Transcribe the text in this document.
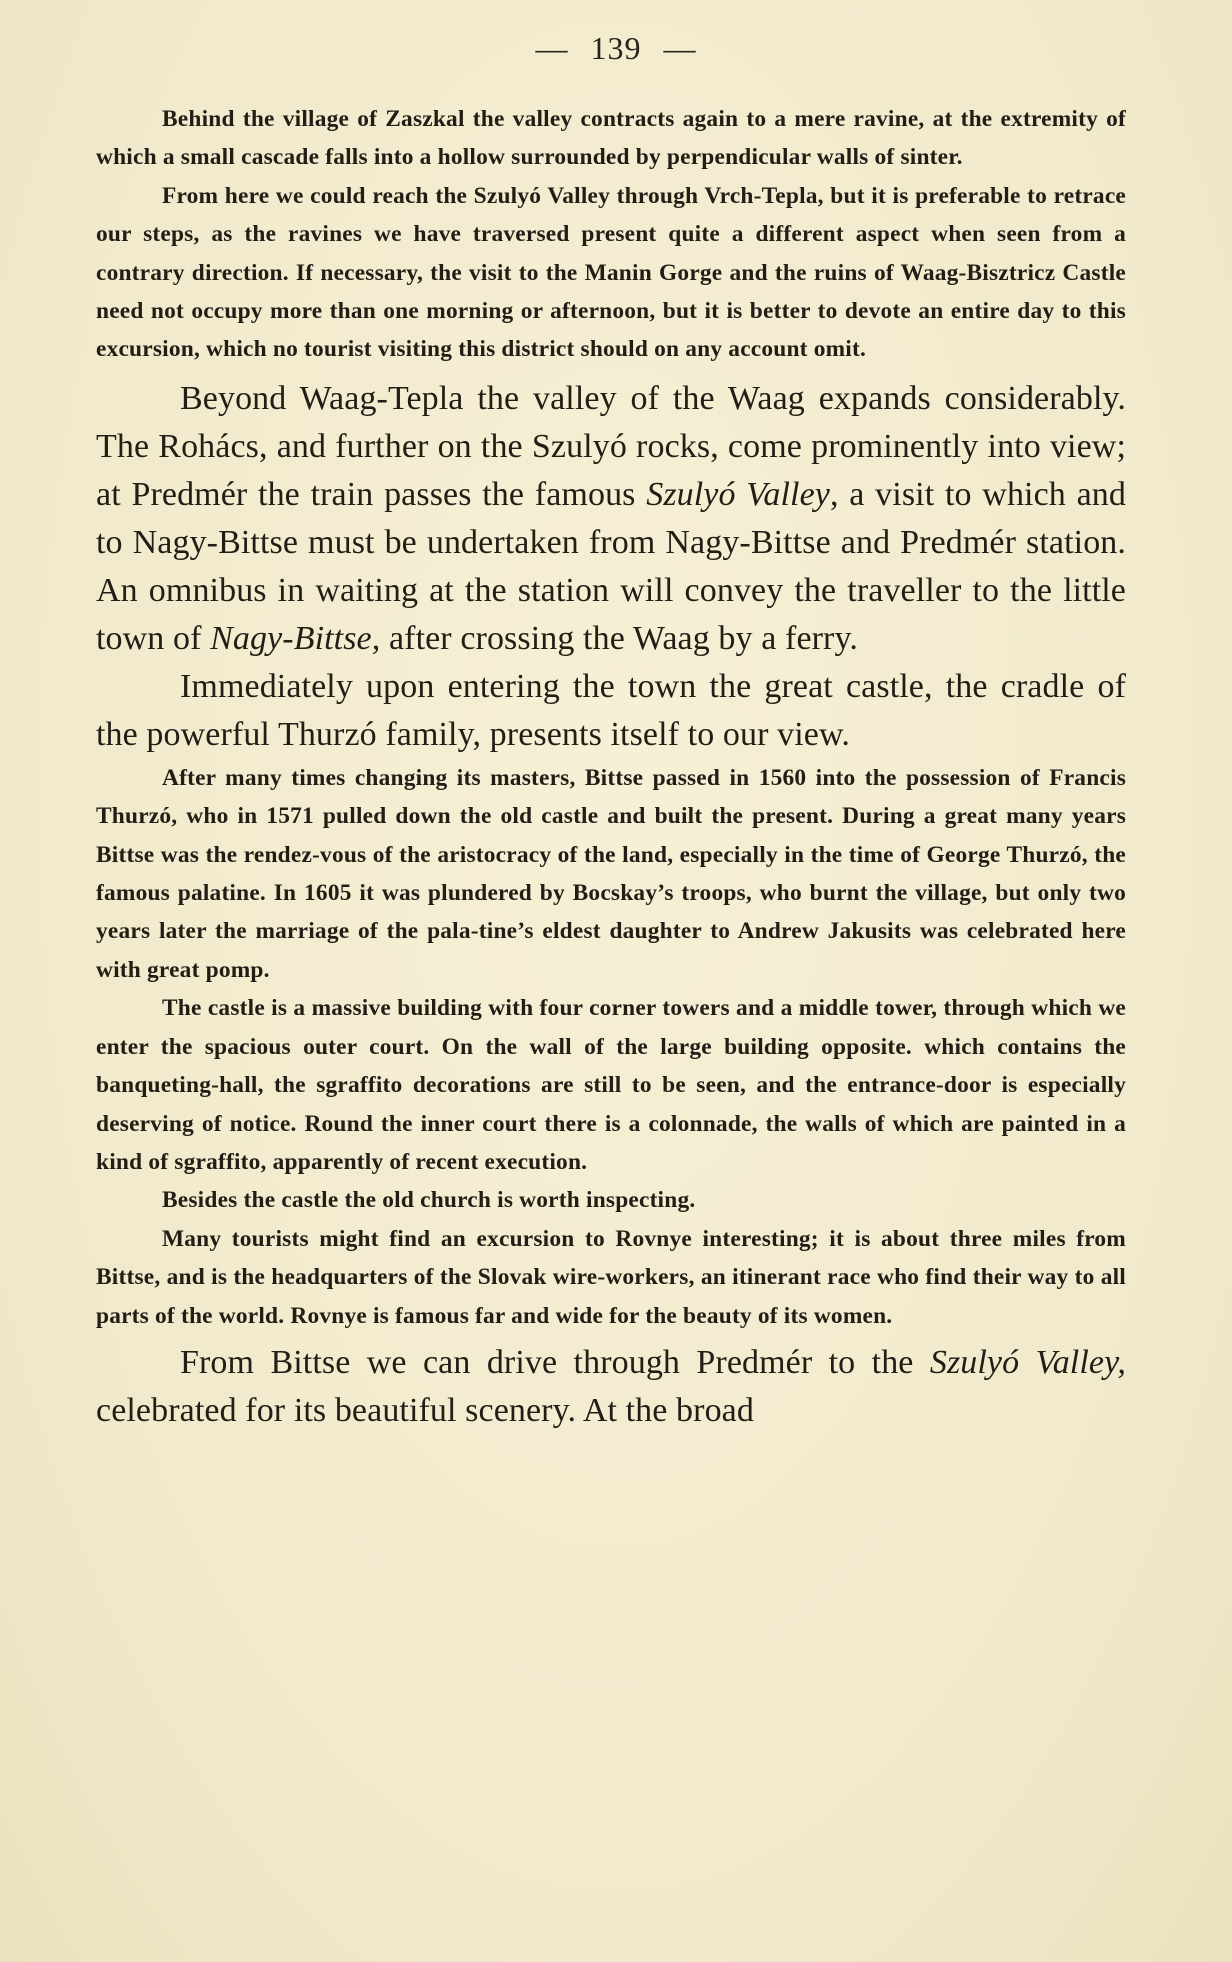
— 139 —

Behind the village of Zaszkal the valley contracts again to a mere ravine, at the extremity of which a small cascade falls into a hollow surrounded by perpendicular walls of sinter.

From here we could reach the Szulyó Valley through Vrch-Tepla, but it is preferable to retrace our steps, as the ravines we have traversed present quite a different aspect when seen from a contrary direction. If necessary, the visit to the Manin Gorge and the ruins of Waag-Bisztricz Castle need not occupy more than one morning or afternoon, but it is better to devote an entire day to this excursion, which no tourist visiting this district should on any account omit.

Beyond Waag-Tepla the valley of the Waag expands considerably. The Rohács, and further on the Szulyó rocks, come prominently into view; at Predmér the train passes the famous Szulyó Valley, a visit to which and to Nagy-Bittse must be undertaken from Nagy-Bittse and Predmér station. An omnibus in waiting at the station will convey the traveller to the little town of Nagy-Bittse, after crossing the Waag by a ferry.

Immediately upon entering the town the great castle, the cradle of the powerful Thurzó family, presents itself to our view.

After many times changing its masters, Bittse passed in 1560 into the possession of Francis Thurzó, who in 1571 pulled down the old castle and built the present. During a great many years Bittse was the rendez-vous of the aristocracy of the land, especially in the time of George Thurzó, the famous palatine. In 1605 it was plundered by Bocskay’s troops, who burnt the village, but only two years later the marriage of the pala-tine’s eldest daughter to Andrew Jakusits was celebrated here with great pomp.

The castle is a massive building with four corner towers and a middle tower, through which we enter the spacious outer court. On the wall of the large building opposite. which contains the banqueting-hall, the sgraffito decorations are still to be seen, and the entrance-door is especially deserving of notice. Round the inner court there is a colonnade, the walls of which are painted in a kind of sgraffito, apparently of recent execution.

Besides the castle the old church is worth inspecting.

Many tourists might find an excursion to Rovnye interesting; it is about three miles from Bittse, and is the headquarters of the Slovak wire-workers, an itinerant race who find their way to all parts of the world. Rovnye is famous far and wide for the beauty of its women.

From Bittse we can drive through Predmér to the Szulyó Valley, celebrated for its beautiful scenery. At the broad
